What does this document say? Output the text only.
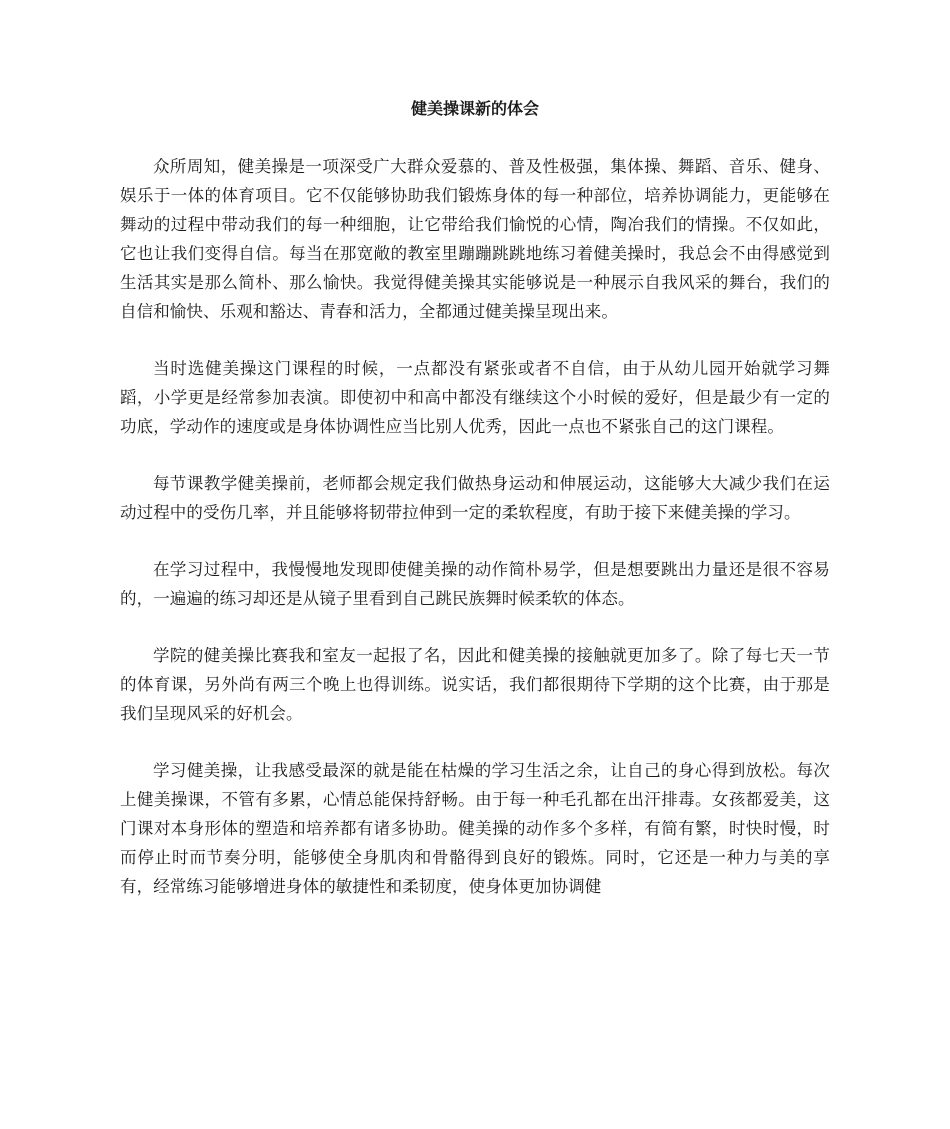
健美操课新的体会

众所周知，健美操是一项深受广大群众爱慕的、普及性极强，集体操、舞蹈、音乐、健身、娱乐于一体的体育项目。它不仅能够协助我们锻炼身体的每一种部位，培养协调能力，更能够在舞动的过程中带动我们的每一种细胞，让它带给我们愉悦的心情，陶冶我们的情操。不仅如此，它也让我们变得自信。每当在那宽敞的教室里蹦蹦跳跳地练习着健美操时，我总会不由得感觉到生活其实是那么简朴、那么愉快。我觉得健美操其实能够说是一种展示自我风采的舞台，我们的自信和愉快、乐观和豁达、青春和活力，全都通过健美操呈现出来。

当时选健美操这门课程的时候，一点都没有紧张或者不自信，由于从幼儿园开始就学习舞蹈，小学更是经常参加表演。即使初中和高中都没有继续这个小时候的爱好，但是最少有一定的功底，学动作的速度或是身体协调性应当比别人优秀，因此一点也不紧张自己的这门课程。

每节课教学健美操前，老师都会规定我们做热身运动和伸展运动，这能够大大减少我们在运动过程中的受伤几率，并且能够将韧带拉伸到一定的柔软程度，有助于接下来健美操的学习。

在学习过程中，我慢慢地发现即使健美操的动作简朴易学，但是想要跳出力量还是很不容易的，一遍遍的练习却还是从镜子里看到自己跳民族舞时候柔软的体态。

学院的健美操比赛我和室友一起报了名，因此和健美操的接触就更加多了。除了每七天一节的体育课，另外尚有两三个晚上也得训练。说实话，我们都很期待下学期的这个比赛，由于那是我们呈现风采的好机会。

学习健美操，让我感受最深的就是能在枯燥的学习生活之余，让自己的身心得到放松。每次上健美操课，不管有多累，心情总能保持舒畅。由于每一种毛孔都在出汗排毒。女孩都爱美，这门课对本身形体的塑造和培养都有诸多协助。健美操的动作多个多样，有简有繁，时快时慢，时而停止时而节奏分明，能够使全身肌肉和骨骼得到良好的锻炼。同时，它还是一种力与美的享有，经常练习能够增进身体的敏捷性和柔韧度，使身体更加协调健
